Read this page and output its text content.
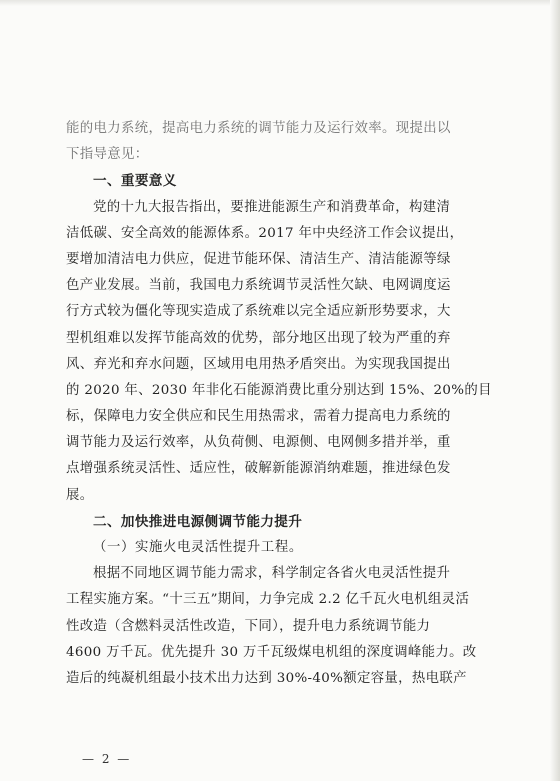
能的电力系统，提高电力系统的调节能力及运行效率。现提出以
下指导意见：
一、重要意义
党的十九大报告指出，要推进能源生产和消费革命，构建清
洁低碳、安全高效的能源体系。2017 年中央经济工作会议提出，
要增加清洁电力供应，促进节能环保、清洁生产、清洁能源等绿
色产业发展。当前，我国电力系统调节灵活性欠缺、电网调度运
行方式较为僵化等现实造成了系统难以完全适应新形势要求，大
型机组难以发挥节能高效的优势，部分地区出现了较为严重的弃
风、弃光和弃水问题，区域用电用热矛盾突出。为实现我国提出
的 2020 年、2030 年非化石能源消费比重分别达到 15%、20%的目
标，保障电力安全供应和民生用热需求，需着力提高电力系统的
调节能力及运行效率，从负荷侧、电源侧、电网侧多措并举，重
点增强系统灵活性、适应性，破解新能源消纳难题，推进绿色发
展。
二、加快推进电源侧调节能力提升
（一）实施火电灵活性提升工程。
根据不同地区调节能力需求，科学制定各省火电灵活性提升
工程实施方案。“十三五”期间，力争完成 2.2 亿千瓦火电机组灵活
性改造（含燃料灵活性改造，下同），提升电力系统调节能力
4600 万千瓦。优先提升 30 万千瓦级煤电机组的深度调峰能力。改
造后的纯凝机组最小技术出力达到 30%-40%额定容量，热电联产
— 2 —
